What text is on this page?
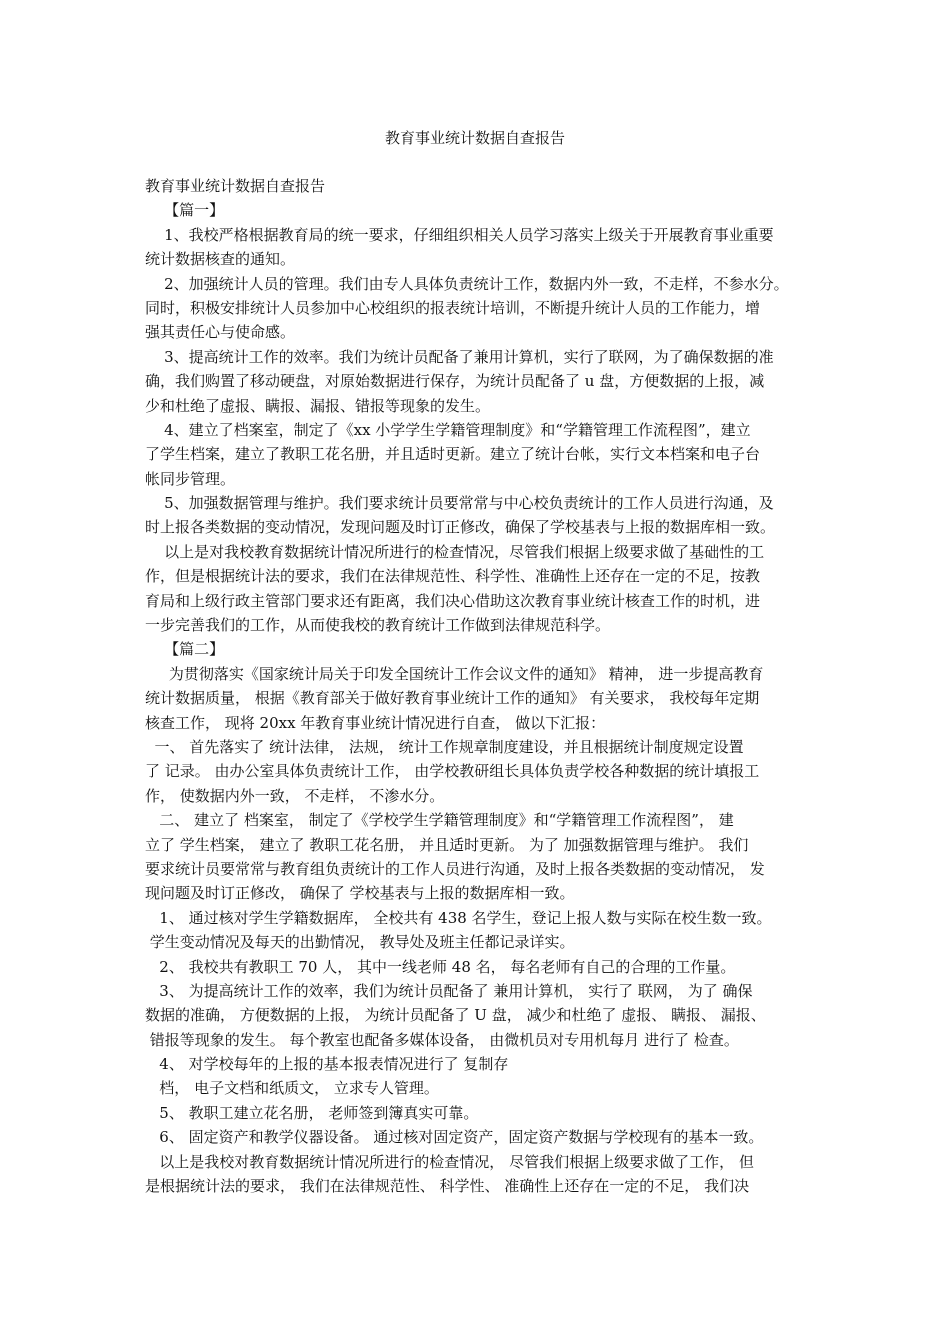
教育事业统计数据自查报告
教育事业统计数据自查报告
【篇一】
1、我校严格根据教育局的统一要求，仔细组织相关人员学习落实上级关于开展教育事业重要
统计数据核查的通知。
2、加强统计人员的管理。我们由专人具体负责统计工作，数据内外一致，不走样，不参水分。
同时，积极安排统计人员参加中心校组织的报表统计培训，不断提升统计人员的工作能力，增
强其责任心与使命感。
3、提高统计工作的效率。我们为统计员配备了兼用计算机，实行了联网，为了确保数据的准
确，我们购置了移动硬盘，对原始数据进行保存，为统计员配备了 u 盘，方便数据的上报，减
少和杜绝了虚报、瞒报、漏报、错报等现象的发生。
4、建立了档案室，制定了《xx 小学学生学籍管理制度》和“学籍管理工作流程图”，建立
了学生档案，建立了教职工花名册，并且适时更新。建立了统计台帐，实行文本档案和电子台
帐同步管理。
5、加强数据管理与维护。我们要求统计员要常常与中心校负责统计的工作人员进行沟通，及
时上报各类数据的变动情况，发现问题及时订正修改，确保了学校基表与上报的数据库相一致。
以上是对我校教育数据统计情况所进行的检查情况，尽管我们根据上级要求做了基础性的工
作，但是根据统计法的要求，我们在法律规范性、科学性、准确性上还存在一定的不足，按教
育局和上级行政主管部门要求还有距离，我们决心借助这次教育事业统计核查工作的时机，进
一步完善我们的工作，从而使我校的教育统计工作做到法律规范科学。
【篇二】
为贯彻落实《国家统计局关于印发全国统计工作会议文件的通知》 精神， 进一步提高教育
统计数据质量， 根据《教育部关于做好教育事业统计工作的通知》 有关要求， 我校每年定期
核查工作， 现将 20xx 年教育事业统计情况进行自查， 做以下汇报：
一、 首先落实了 统计法律， 法规， 统计工作规章制度建设，并且根据统计制度规定设置
了 记录。 由办公室具体负责统计工作， 由学校教研组长具体负责学校各种数据的统计填报工
作， 使数据内外一致， 不走样， 不渗水分。
二、 建立了 档案室， 制定了《学校学生学籍管理制度》和“学籍管理工作流程图”， 建
立了 学生档案， 建立了 教职工花名册， 并且适时更新。 为了 加强数据管理与维护。 我们
要求统计员要常常与教育组负责统计的工作人员进行沟通，及时上报各类数据的变动情况， 发
现问题及时订正修改， 确保了 学校基表与上报的数据库相一致。
1、 通过核对学生学籍数据库， 全校共有 438 名学生，登记上报人数与实际在校生数一致。
学生变动情况及每天的出勤情况， 教导处及班主任都记录详实。
2、 我校共有教职工 70 人， 其中一线老师 48 名， 每名老师有自己的合理的工作量。
3、 为提高统计工作的效率，我们为统计员配备了 兼用计算机， 实行了 联网， 为了 确保
数据的准确， 方便数据的上报， 为统计员配备了 U 盘， 减少和杜绝了 虚报、 瞒报、 漏报、
错报等现象的发生。 每个教室也配备多媒体设备， 由微机员对专用机每月 进行了 检查。
4、 对学校每年的上报的基本报表情况进行了 复制存
档， 电子文档和纸质文， 立求专人管理。
5、 教职工建立花名册， 老师签到簿真实可靠。
6、 固定资产和教学仪器设备。 通过核对固定资产，固定资产数据与学校现有的基本一致。
以上是我校对教育数据统计情况所进行的检查情况， 尽管我们根据上级要求做了工作， 但
是根据统计法的要求， 我们在法律规范性、 科学性、 准确性上还存在一定的不足， 我们决
